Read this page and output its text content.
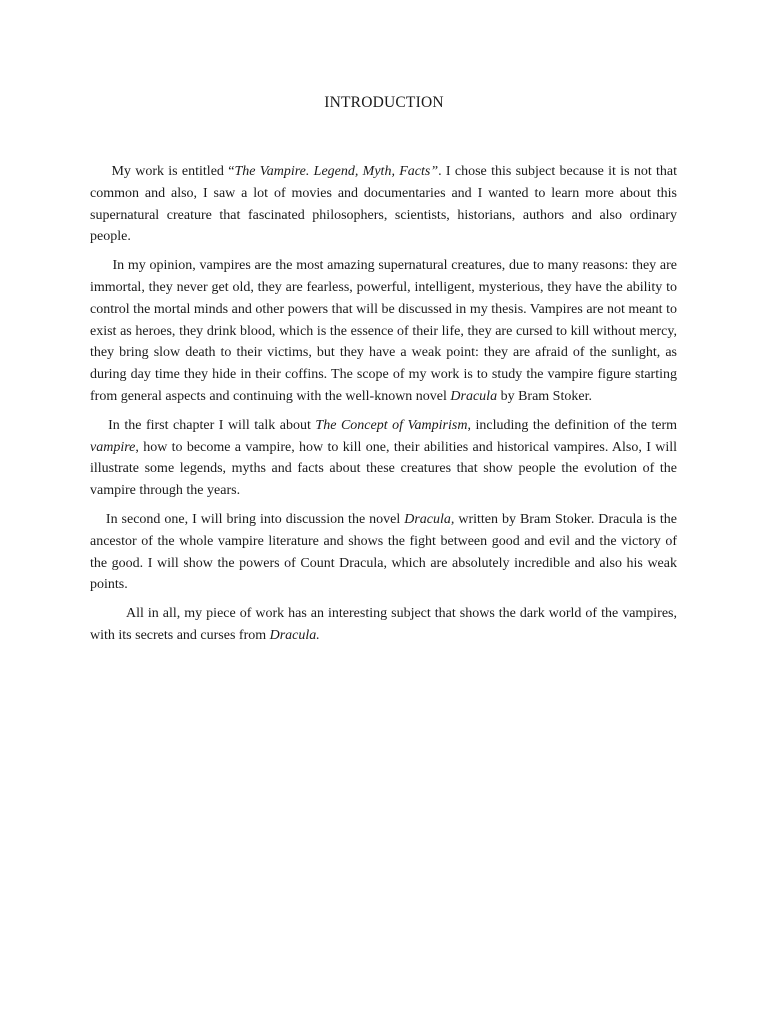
INTRODUCTION

My work is entitled “The Vampire. Legend, Myth, Facts”. I chose this subject because it is not that common and also, I saw a lot of movies and documentaries and I wanted to learn more about this supernatural creature that fascinated philosophers, scientists, historians, authors and also ordinary people.

In my opinion, vampires are the most amazing supernatural creatures, due to many reasons: they are immortal, they never get old, they are fearless, powerful, intelligent, mysterious, they have the ability to control the mortal minds and other powers that will be discussed in my thesis. Vampires are not meant to exist as heroes, they drink blood, which is the essence of their life, they are cursed to kill without mercy, they bring slow death to their victims, but they have a weak point: they are afraid of the sunlight, as during day time they hide in their coffins. The scope of my work is to study the vampire figure starting from general aspects and continuing with the well-known novel Dracula by Bram Stoker.

In the first chapter I will talk about The Concept of Vampirism, including the definition of the term vampire, how to become a vampire, how to kill one, their abilities and historical vampires. Also, I will illustrate some legends, myths and facts about these creatures that show people the evolution of the vampire through the years.

In second one, I will bring into discussion the novel Dracula, written by Bram Stoker. Dracula is the ancestor of the whole vampire literature and shows the fight between good and evil and the victory of the good. I will show the powers of Count Dracula, which are absolutely incredible and also his weak points.

All in all, my piece of work has an interesting subject that shows the dark world of the vampires, with its secrets and curses from Dracula.
